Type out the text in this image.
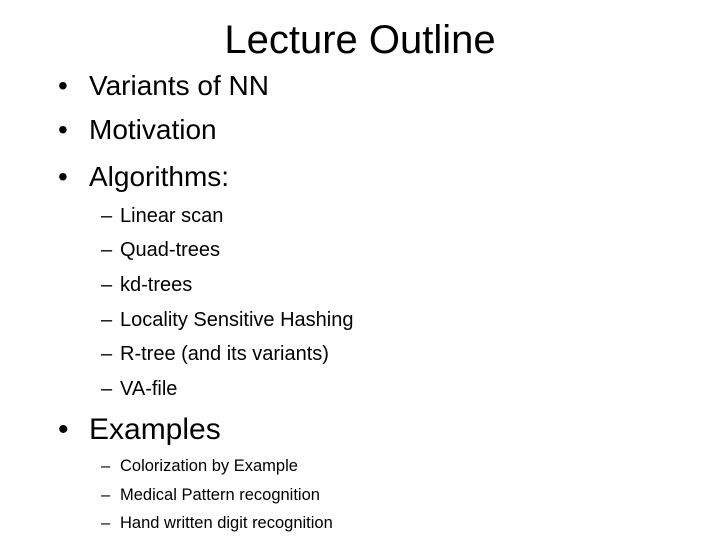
Lecture Outline
• Variants of NN
• Motivation
• Algorithms:
– Linear scan
– Quad-trees
– kd-trees
– Locality Sensitive Hashing
– R-tree (and its variants)
– VA-file
• Examples
– Colorization by Example
– Medical Pattern recognition
– Hand written digit recognition
